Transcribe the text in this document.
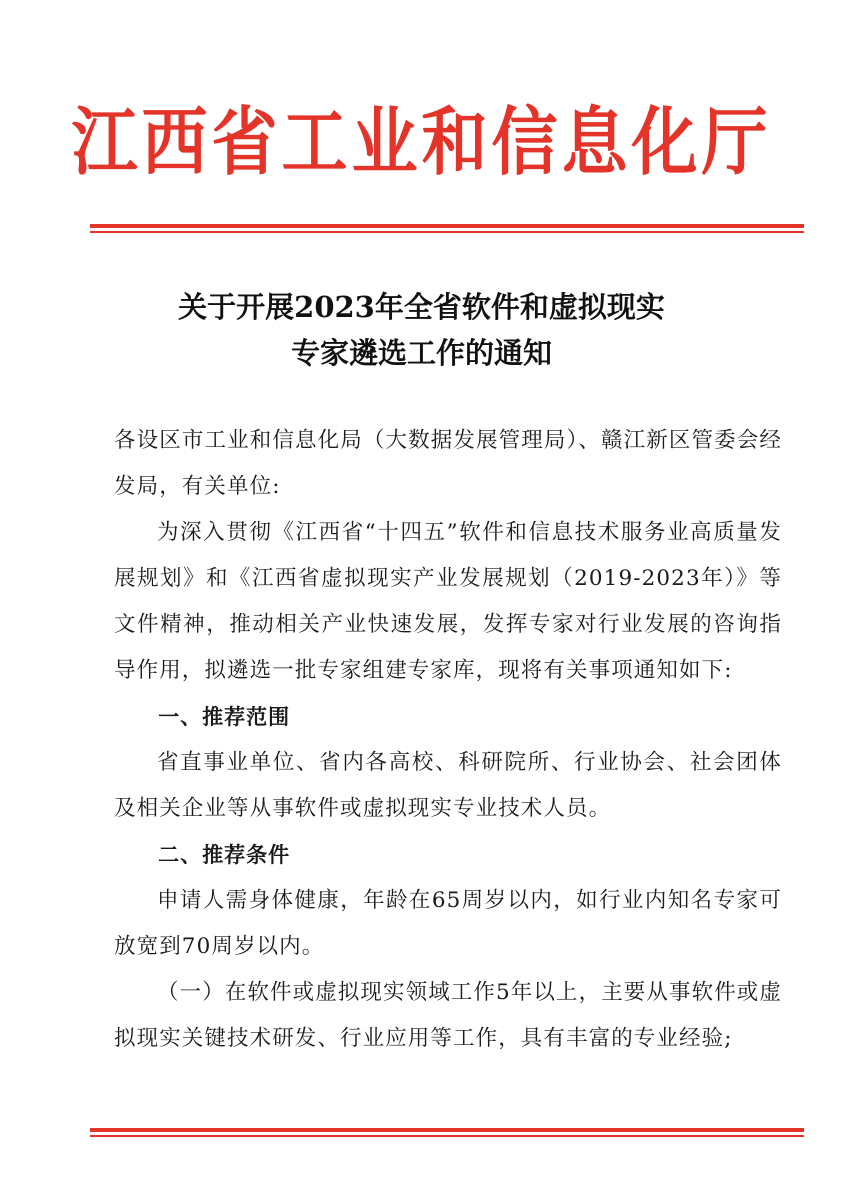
江西省工业和信息化厅
关于开展2023年全省软件和虚拟现实
专家遴选工作的通知

各设区市工业和信息化局（大数据发展管理局）、赣江新区管委会经发局，有关单位:

为深入贯彻《江西省“十四五”软件和信息技术服务业高质量发展规划》和《江西省虚拟现实产业发展规划（2019-2023年）》等文件精神，推动相关产业快速发展，发挥专家对行业发展的咨询指导作用，拟遴选一批专家组建专家库，现将有关事项通知如下:

一、推荐范围

省直事业单位、省内各高校、科研院所、行业协会、社会团体及相关企业等从事软件或虚拟现实专业技术人员。

二、推荐条件

申请人需身体健康，年龄在65周岁以内，如行业内知名专家可放宽到70周岁以内。

（一）在软件或虚拟现实领域工作5年以上，主要从事软件或虚拟现实关键技术研发、行业应用等工作，具有丰富的专业经验;
